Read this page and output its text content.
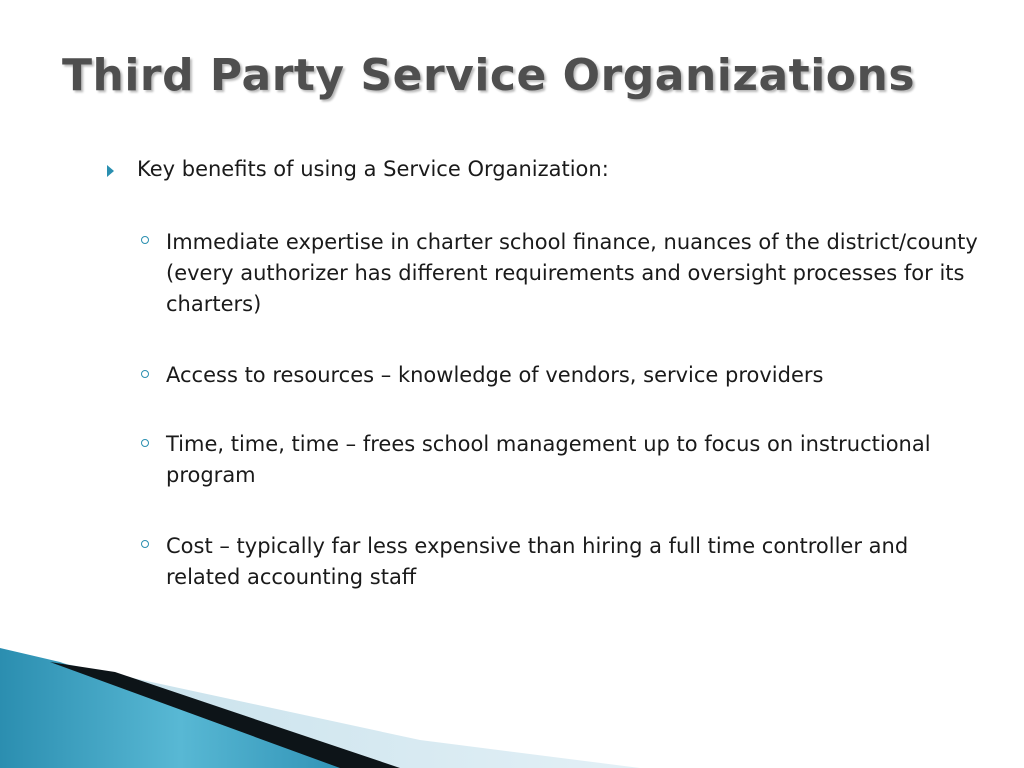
Third Party Service Organizations
Key benefits of using a Service Organization:
Immediate expertise in charter school finance, nuances of the district/county (every authorizer has different requirements and oversight processes for its charters)
Access to resources – knowledge of vendors, service providers
Time, time, time – frees school management up to focus on instructional program
Cost – typically far less expensive than hiring a full time controller and related accounting staff
